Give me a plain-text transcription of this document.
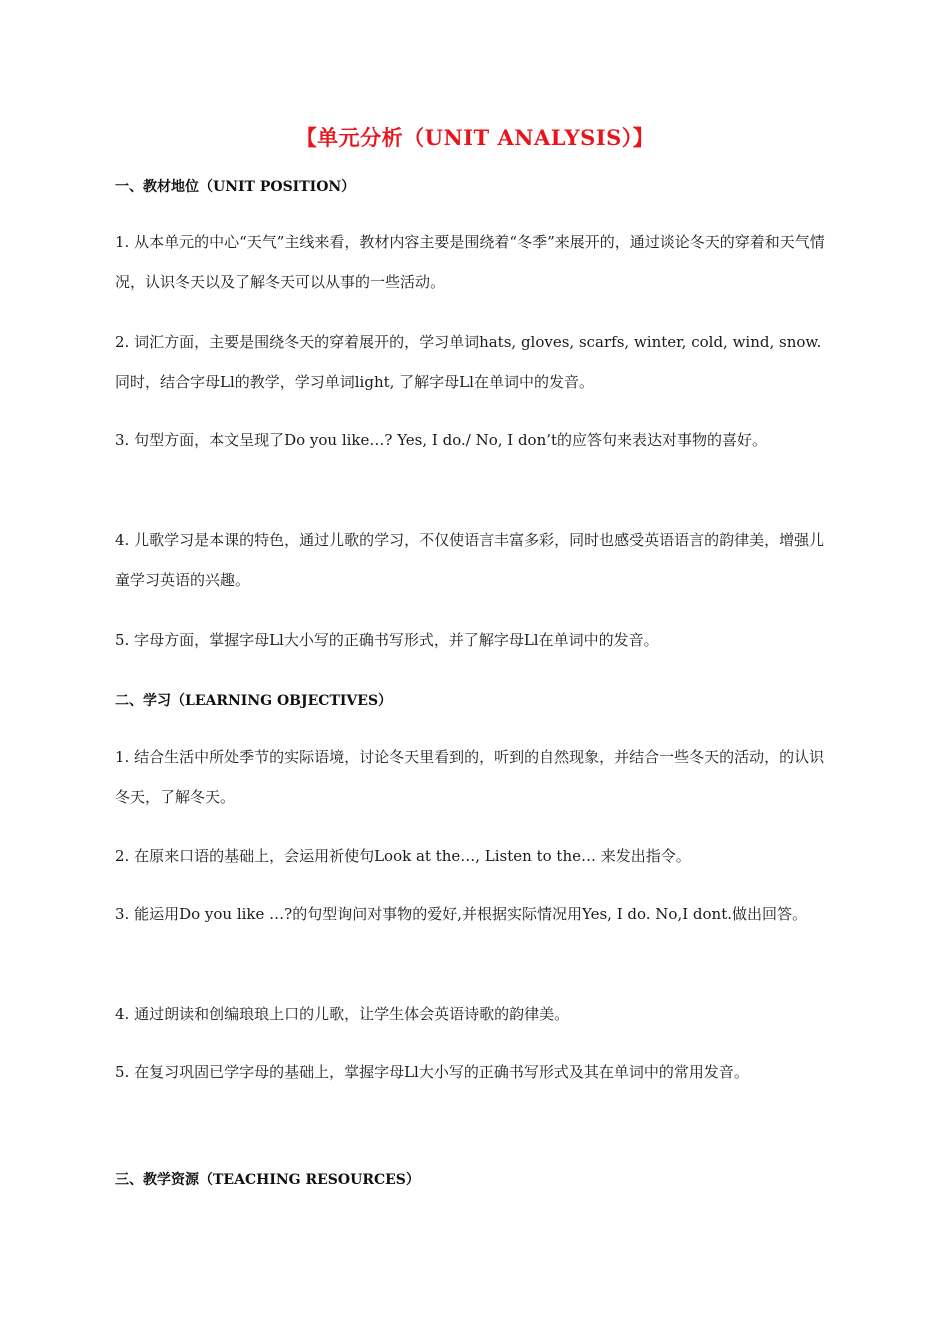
【单元分析（UNIT ANALYSIS）】
一、教材地位（UNIT POSITION）
1. 从本单元的中心“天气”主线来看，教材内容主要是围绕着“冬季”来展开的，通过谈论冬天的穿着和天气情况，认识冬天以及了解冬天可以从事的一些活动。
2. 词汇方面，主要是围绕冬天的穿着展开的，学习单词hats, gloves, scarfs, winter, cold, wind, snow.同时，结合字母Ll的教学，学习单词light, 了解字母Ll在单词中的发音。
3. 句型方面，本文呈现了Do you like…? Yes, I do./ No, I don’t的应答句来表达对事物的喜好。
4. 儿歌学习是本课的特色，通过儿歌的学习，不仅使语言丰富多彩，同时也感受英语语言的韵律美，增强儿童学习英语的兴趣。
5. 字母方面，掌握字母Ll大小写的正确书写形式，并了解字母Ll在单词中的发音。
二、学习（LEARNING OBJECTIVES）
1. 结合生活中所处季节的实际语境，讨论冬天里看到的，听到的自然现象，并结合一些冬天的活动，的认识冬天，了解冬天。
2. 在原来口语的基础上，会运用祈使句Look at the…, Listen to the… 来发出指令。
3. 能运用Do you like …?的句型询问对事物的爱好,并根据实际情况用Yes, I do. No,I dont.做出回答。
4. 通过朗读和创编琅琅上口的儿歌，让学生体会英语诗歌的韵律美。
5. 在复习巩固已学字母的基础上，掌握字母Ll大小写的正确书写形式及其在单词中的常用发音。
三、教学资源（TEACHING RESOURCES）
